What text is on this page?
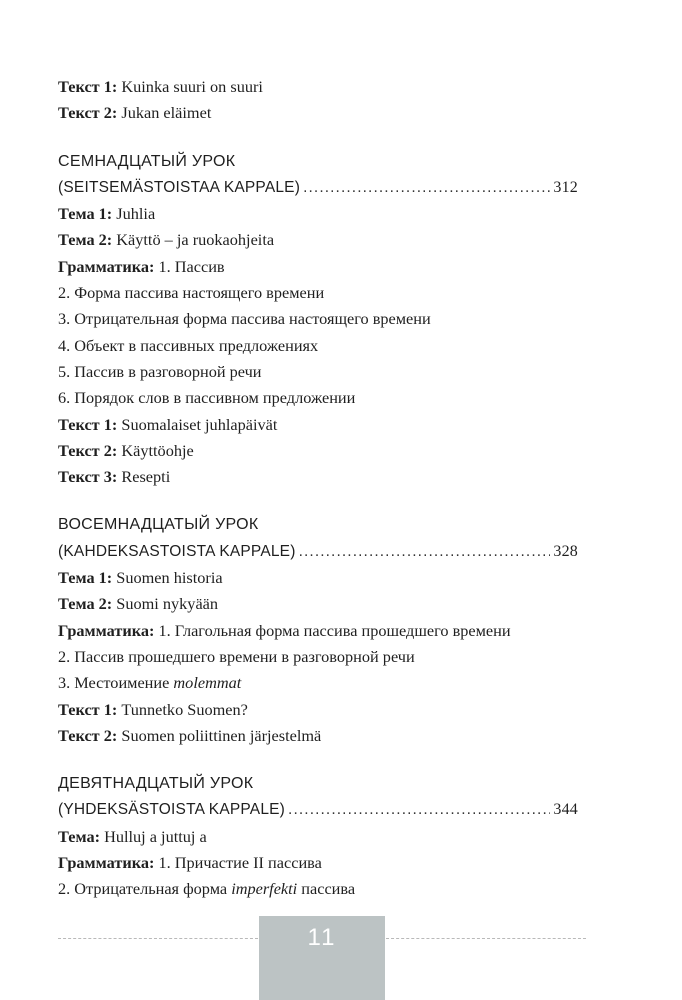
Текст 1: Kuinka suuri on suuri
Текст 2: Jukan eläimet
СЕМНАДЦАТЫЙ УРОК
(SEITSEMÄSTOISTAA KAPPALE) . . .	312
Тема 1: Juhlia
Тема 2: Käyttö – ja ruokaohjeita
Грамматика: 1. Пассив
2. Форма пассива настоящего времени
3. Отрицательная форма пассива настоящего времени
4. Объект в пассивных предложениях
5. Пассив в разговорной речи
6. Порядок слов в пассивном предложении
Текст 1: Suomalaiset juhlapäivät
Текст 2: Käyttöohje
Текст 3: Resepti
ВОСЕМНАДЦАТЫЙ УРОК
(KAHDEKSASTOISTA KAPPALE) . . .	328
Тема 1: Suomen historia
Тема 2: Suomi nykyään
Грамматика: 1. Глагольная форма пассива прошедшего времени
2. Пассив прошедшего времени в разговорной речи
3. Местоимение molemmat
Текст 1: Tunnetko Suomen?
Текст 2: Suomen poliittinen järjestelmä
ДЕВЯТНАДЦАТЫЙ УРОК
(YHDEKSÄSTOISTA KAPPALE) . . .	344
Тема: Hulluj a juttuj a
Грамматика: 1. Причастие II пассива
2. Отрицательная форма imperfekti пассива
11
